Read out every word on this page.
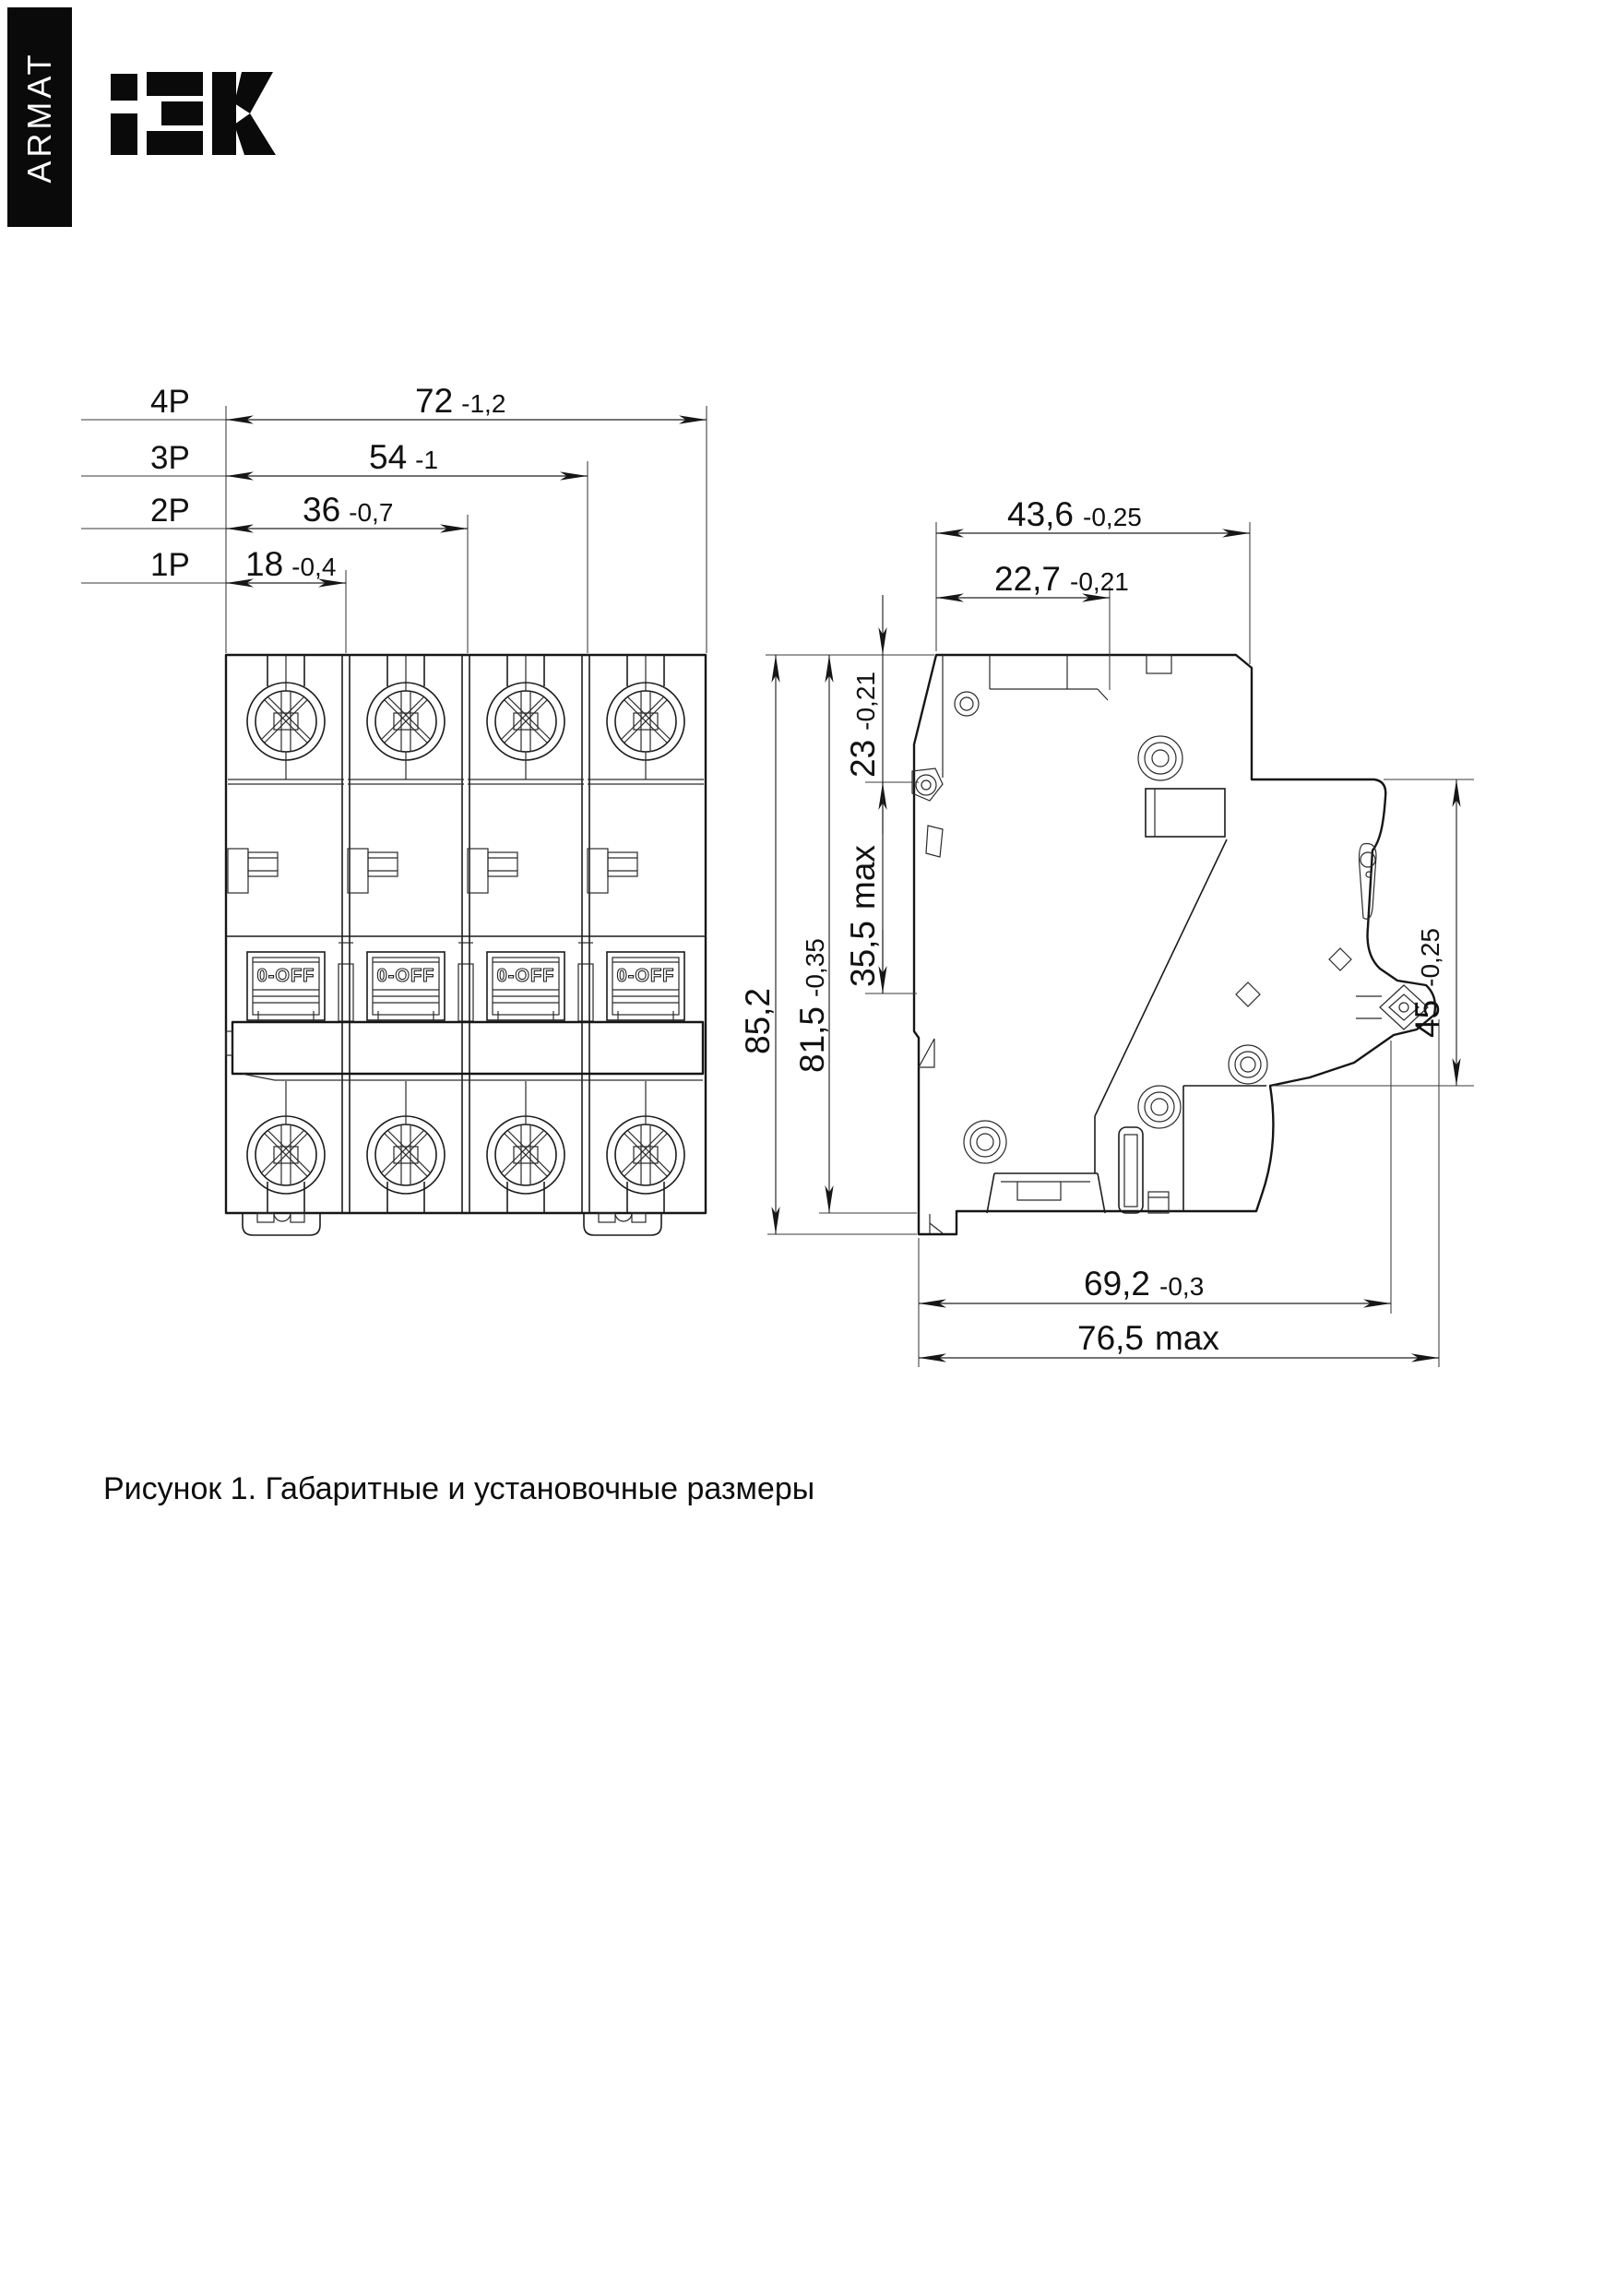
ARMAT
0-OFF	0-OFF	0-OFF	0-OFF
4P	72 -1,2
3P	54 -1
2P	36 -0,7
1P 18 -0,4
43,6 -0,25
22,7 -0,21
69,2 -0,3
76,5 max
23-0,21
35,5max
81,5-0,35
85,2	45-0,25
Рисунок 1. Габаритные и установочные размеры
